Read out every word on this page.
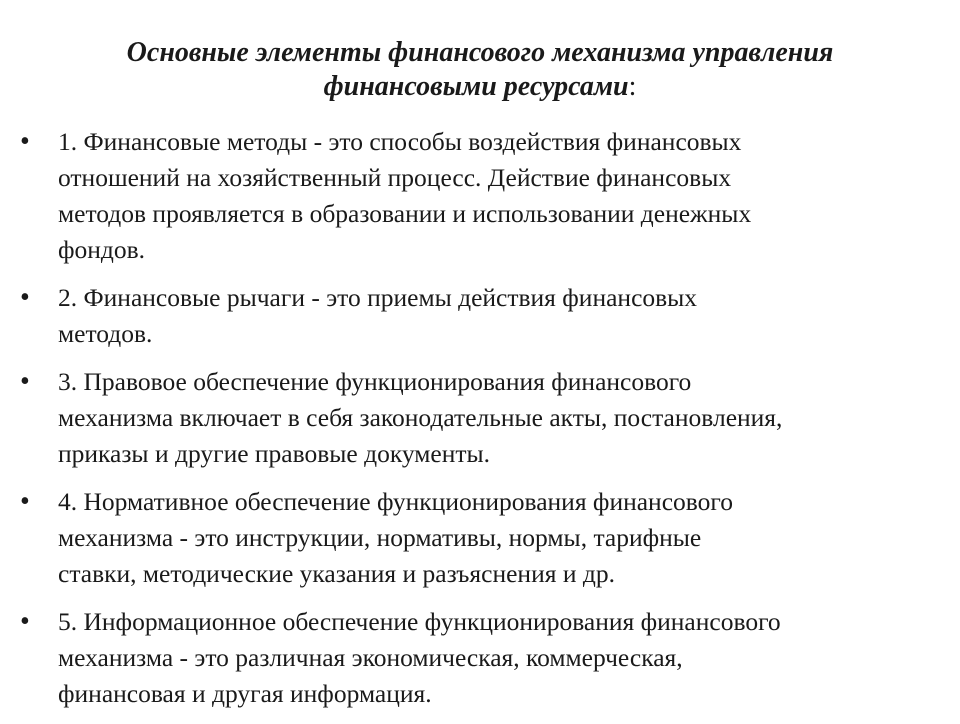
Основные элементы финансового механизма управления
финансовыми ресурсами:
• 1. Финансовые методы - это способы воздействия финансовых
отношений на хозяйственный процесс. Действие финансовых
методов проявляется в образовании и использовании денежных
фондов.
• 2. Финансовые рычаги - это приемы действия финансовых
методов.
• 3. Правовое обеспечение функционирования финансового
механизма включает в себя законодательные акты, постановления,
приказы и другие правовые документы.
• 4. Нормативное обеспечение функционирования финансового
механизма - это инструкции, нормативы, нормы, тарифные
ставки, методические указания и разъяснения и др.
• 5. Информационное обеспечение функционирования финансового
механизма - это различная экономическая, коммерческая,
финансовая и другая информация.
